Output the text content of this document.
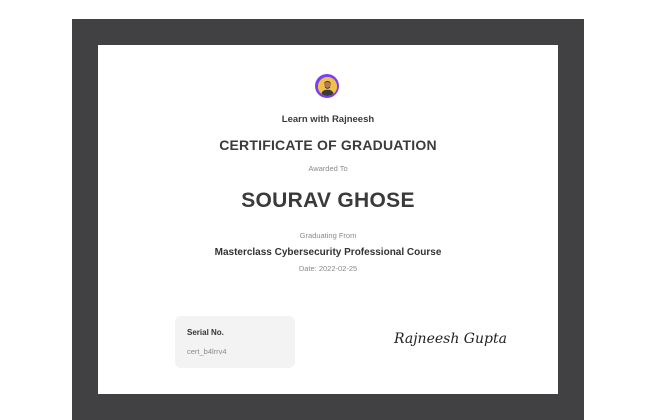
Learn with Rajneesh
CERTIFICATE OF GRADUATION
Awarded To
SOURAV GHOSE
Graduating From
Masterclass Cybersecurity Professional Course
Date: 2022-02-25
Serial No.
cert_b4lrrv4
Rajneesh Gupta
